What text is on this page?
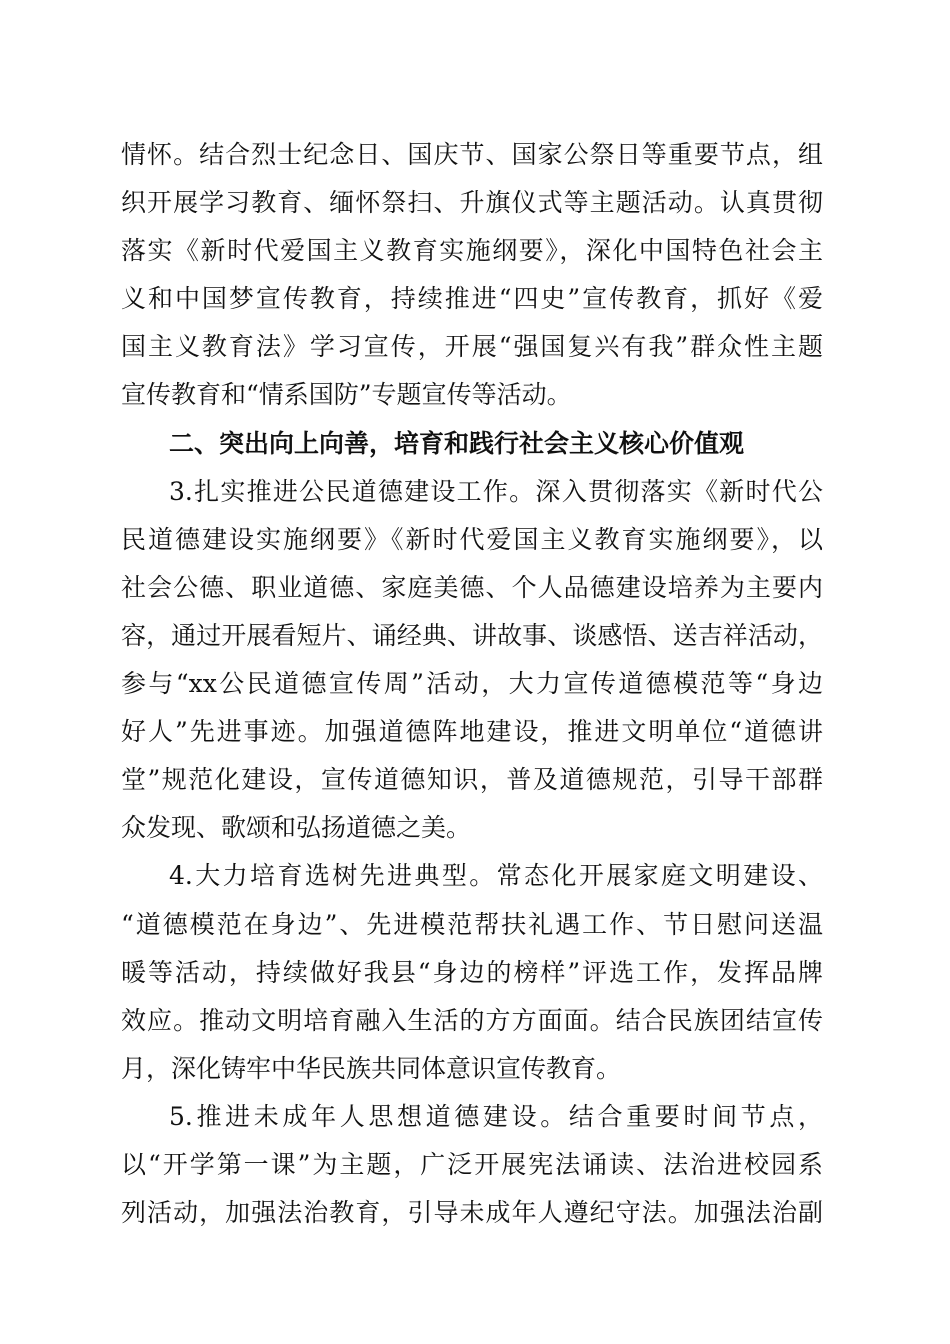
情怀。结合烈士纪念日、国庆节、国家公祭日等重要节点，组
织开展学习教育、缅怀祭扫、升旗仪式等主题活动。认真贯彻
落实《新时代爱国主义教育实施纲要》，深化中国特色社会主
义和中国梦宣传教育，持续推进“四史”宣传教育，抓好《爱
国主义教育法》学习宣传，开展“强国复兴有我”群众性主题
宣传教育和“情系国防”专题宣传等活动。
二、突出向上向善，培育和践行社会主义核心价值观
3.扎实推进公民道德建设工作。深入贯彻落实《新时代公
民道德建设实施纲要》《新时代爱国主义教育实施纲要》，以
社会公德、职业道德、家庭美德、个人品德建设培养为主要内
容，通过开展看短片、诵经典、讲故事、谈感悟、送吉祥活动，
参与“xx公民道德宣传周”活动，大力宣传道德模范等“身边
好人”先进事迹。加强道德阵地建设，推进文明单位“道德讲
堂”规范化建设，宣传道德知识，普及道德规范，引导干部群
众发现、歌颂和弘扬道德之美。
4.大力培育选树先进典型。常态化开展家庭文明建设、
“道德模范在身边”、先进模范帮扶礼遇工作、节日慰问送温
暖等活动，持续做好我县“身边的榜样”评选工作，发挥品牌
效应。推动文明培育融入生活的方方面面。结合民族团结宣传
月，深化铸牢中华民族共同体意识宣传教育。
5.推进未成年人思想道德建设。结合重要时间节点，
以“开学第一课”为主题，广泛开展宪法诵读、法治进校园系
列活动，加强法治教育，引导未成年人遵纪守法。加强法治副
